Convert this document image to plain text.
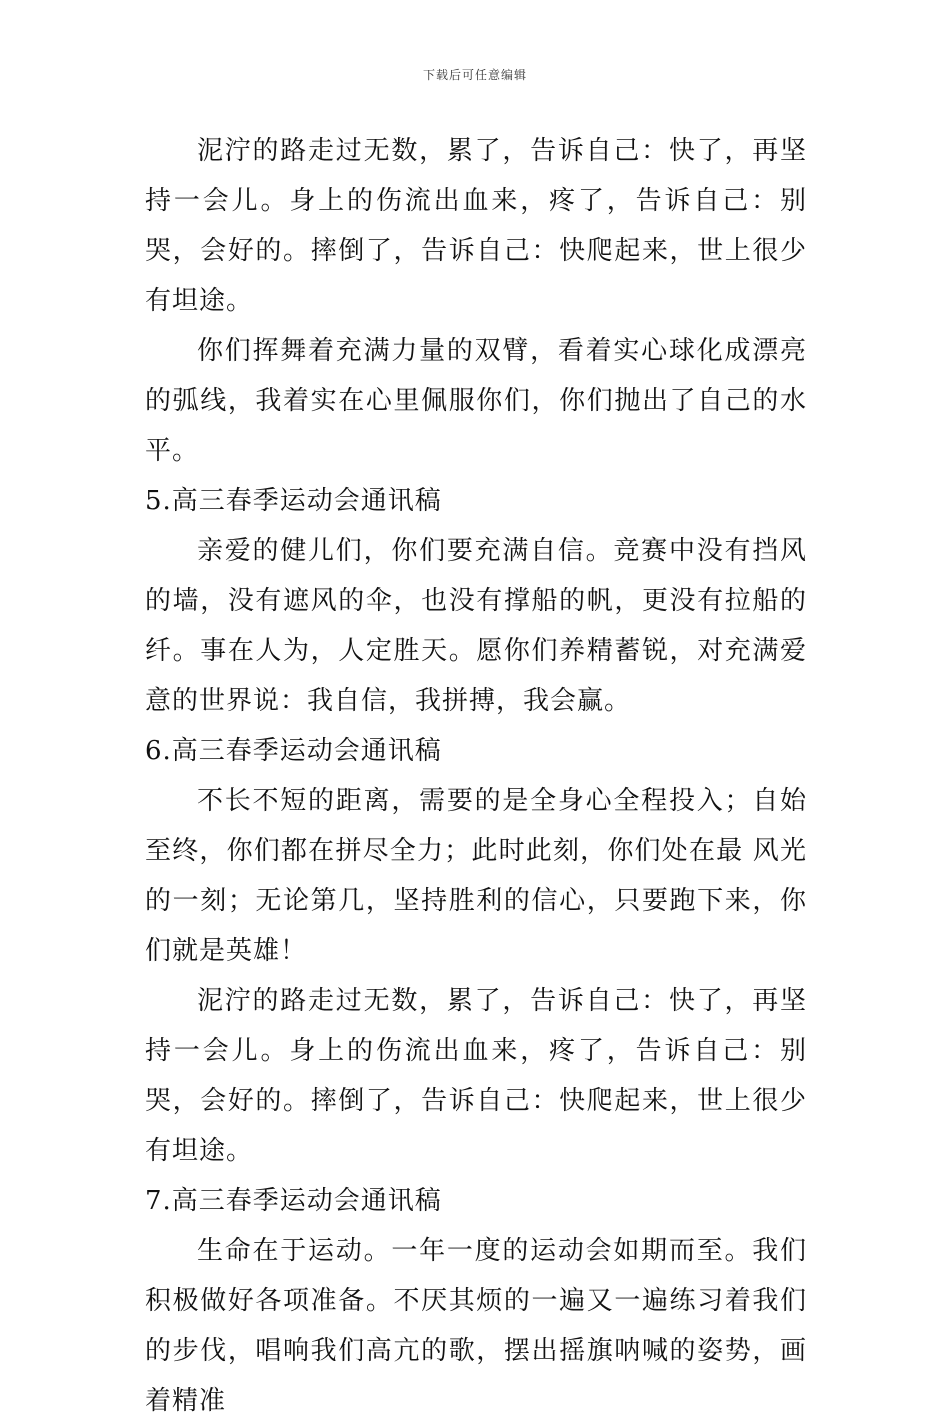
下载后可任意编辑

泥泞的路走过无数，累了，告诉自己：快了，再坚持一会儿。身上的伤流出血来，疼了，告诉自己：别哭，会好的。摔倒了，告诉自己：快爬起来，世上很少有坦途。

你们挥舞着充满力量的双臂，看着实心球化成漂亮的弧线，我着实在心里佩服你们，你们抛出了自己的水平。

5.高三春季运动会通讯稿

亲爱的健儿们，你们要充满自信。竞赛中没有挡风的墙，没有遮风的伞，也没有撑船的帆，更没有拉船的纤。事在人为，人定胜天。愿你们养精蓄锐，对充满爱意的世界说：我自信，我拼搏，我会赢。

6.高三春季运动会通讯稿

不长不短的距离，需要的是全身心全程投入；自始至终，你们都在拼尽全力；此时此刻，你们处在最 风光的一刻；无论第几，坚持胜利的信心，只要跑下来，你们就是英雄！

泥泞的路走过无数，累了，告诉自己：快了，再坚持一会儿。身上的伤流出血来，疼了，告诉自己：别哭，会好的。摔倒了，告诉自己：快爬起来，世上很少有坦途。

7.高三春季运动会通讯稿

生命在于运动。一年一度的运动会如期而至。我们积极做好各项准备。不厌其烦的一遍又一遍练习着我们的步伐，唱响我们高亢的歌，摆出摇旗呐喊的姿势，画着精准
